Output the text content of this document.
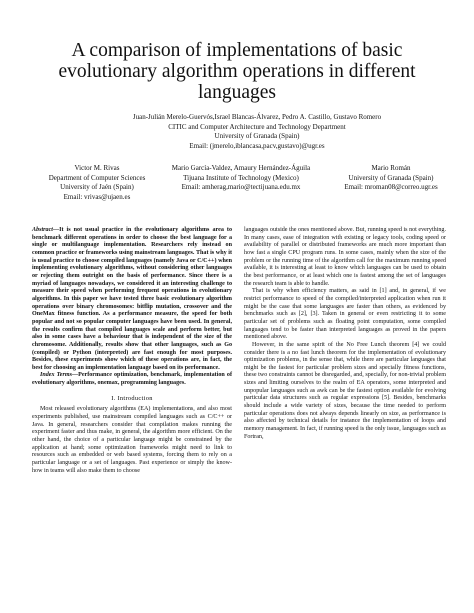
A comparison of implementations of basic
evolutionary algorithm operations in different
languages
Juan-Julián Merelo-Guervós,Israel Blancas-Álvarez, Pedro A. Castillo, Gustavo Romero
CITIC and Computer Architecture and Technology Department
University of Granada (Spain)
Email: (jmerelo,iblancasa,pacv,gustavo)@ugr.es
Victor M. Rivas
Department of Computer Sciences
University of Jaén (Spain)
Email: vrivas@ujaen.es
Mario García-Valdez, Amaury Hernández-Águila
Tijuana Institute of Technology (Mexico)
Email: amherag,mario@tectijuana.edu.mx
Mario Román
University of Granada (Spain)
Email: mroman08@correo.ugr.es
Abstract—It is not usual practice in the evolutionary algorithms area to benchmark different operations in order to choose the best language for a single or multilanguage implementation. Researchers rely instead on common practice or frameworks using mainstream languages. That is why it is usual practice to choose compiled languages (namely Java or C/C++) when implementing evolutionary algorithms, without considering other languages or rejecting them outright on the basis of performance. Since there is a myriad of languages nowadays, we considered it an interesting challenge to measure their speed when performing frequent operations in evolutionary algorithms. In this paper we have tested three basic evolutionary algorithm operations over binary chromosomes: bitflip mutation, crossover and the OneMax fitness function. As a performance measure, the speed for both popular and not so popular computer languages have been used. In general, the results confirm that compiled languages scale and perform better, but also in some cases have a behaviour that is independent of the size of the chromosome. Additionally, results show that other languages, such as Go (compiled) or Python (interpreted) are fast enough for most purposes. Besides, these experiments show which of these operations are, in fact, the best for choosing an implementation language based on its performance.
Index Terms—Performance optimization, benchmark, implementation of evolutionary algorithms, onemax, programming languages.
I. Introduction

Most released evolutionary algorithms (EA) implementations, and also most experiments published, use mainstream compiled languages such as C/C++ or Java. In general, researchers consider that compilation makes running the experiment faster and thus make, in general, the algorithm more efficient. On the other hand, the choice of a particular language might be constrained by the application at hand; some optimization frameworks might need to link to resources such as embedded or web based systems, forcing them to rely on a particular language or a set of languages. Past experience or simply the know-how in teams will also make them to choose

languages outside the ones mentioned above. But, running speed is not everything. In many cases, ease of integration with existing or legacy tools, coding speed or availability of parallel or distributed frameworks are much more important than how fast a single CPU program runs. In some cases, mainly when the size of the problem or the running time of the algorithm call for the maximum running speed available, it is interesting at least to know which languages can be used to obtain the best performance, or at least which one is fastest among the set of languages the research team is able to handle.

That is why when efficiency matters, as said in [1] and, in general, if we restrict performance to speed of the compiled/interpreted application when run it might be the case that some languages are faster than others, as evidenced by benchmarks such as [2], [3]. Taken in general or even restricting it to some particular set of problems such as floating point computation, some compiled languages tend to be faster than interpreted languages as proved in the papers mentioned above.

However, in the same spirit of the No Free Lunch theorem [4] we could consider there is a no fast lunch theorem for the implementation of evolutionary optimization problems, in the sense that, while there are particular languages that might be the fastest for particular problem sizes and specially fitness functions, these two constraints cannot be disregarded, and, specially, for non-trivial problem sizes and limiting ourselves to the realm of EA operators, some interpreted and unpopular languages such as awk can be the fastest option available for evolving particular data structures such as regular expressions [5]. Besides, benchmarks should include a wide variety of sizes, because the time needed to perform particular operations does not always depends linearly on size, as performance is also affected by technical details for instance the implementation of loops and memory management. In fact, if running speed is the only issue, languages such as Fortran,
